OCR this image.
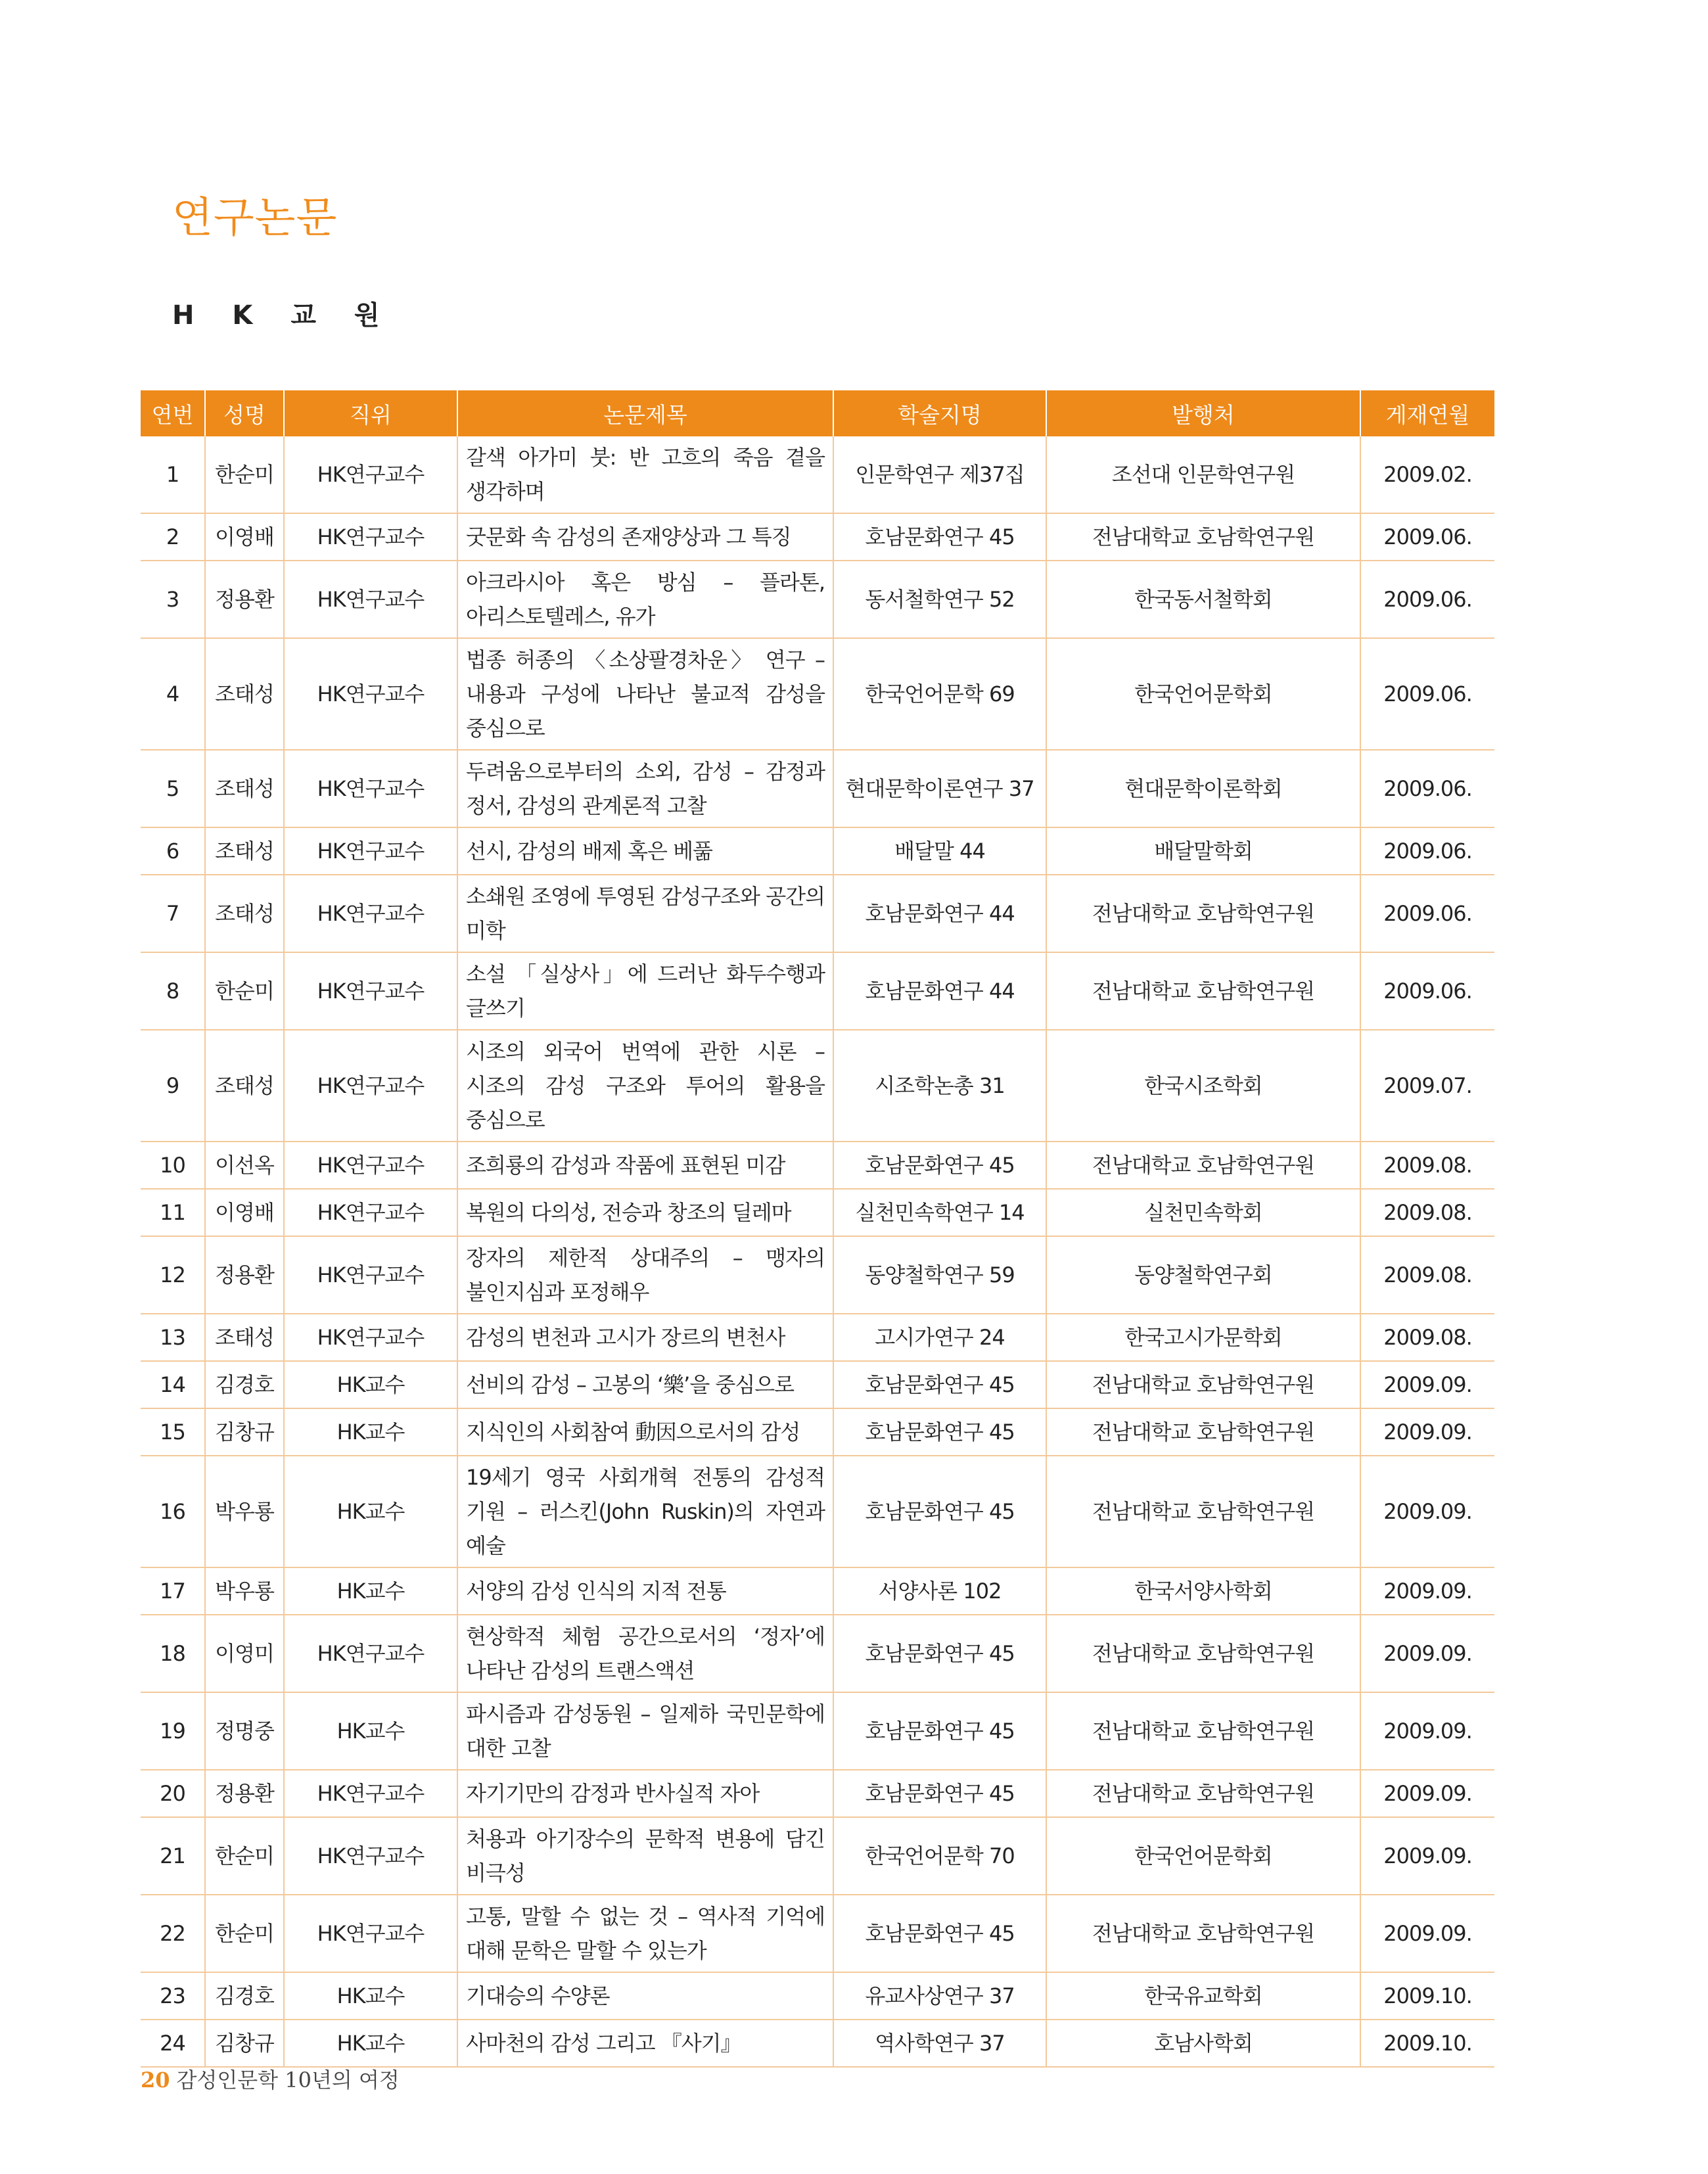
연구논문
H K 교 원
연번	성명	직위	논문제목	학술지명	발행처	게재연월
1	한순미	HK연구교수	갈색 아가미 붓: 반 고흐의 죽음 곁을 생각하며	인문학연구 제37집	조선대 인문학연구원	2009.02.
2	이영배	HK연구교수	굿문화 속 감성의 존재양상과 그 특징	호남문화연구 45	전남대학교 호남학연구원	2009.06.
3	정용환	HK연구교수	아크라시아 혹은 방심 – 플라톤, 아리스토텔레스, 유가	동서철학연구 52	한국동서철학회	2009.06.
4	조태성	HK연구교수	법종 허종의 〈소상팔경차운〉 연구 – 내용과 구성에 나타난 불교적 감성을 중심으로	한국언어문학 69	한국언어문학회	2009.06.
5	조태성	HK연구교수	두려움으로부터의 소외, 감성 – 감정과 정서, 감성의 관계론적 고찰	현대문학이론연구 37	현대문학이론학회	2009.06.
6	조태성	HK연구교수	선시, 감성의 배제 혹은 베풂	배달말 44	배달말학회	2009.06.
7	조태성	HK연구교수	소쇄원 조영에 투영된 감성구조와 공간의 미학	호남문화연구 44	전남대학교 호남학연구원	2009.06.
8	한순미	HK연구교수	소설 「실상사」에 드러난 화두수행과 글쓰기	호남문화연구 44	전남대학교 호남학연구원	2009.06.
9	조태성	HK연구교수	시조의 외국어 번역에 관한 시론 – 시조의 감성 구조와 투어의 활용을 중심으로	시조학논총 31	한국시조학회	2009.07.
10	이선옥	HK연구교수	조희룡의 감성과 작품에 표현된 미감	호남문화연구 45	전남대학교 호남학연구원	2009.08.
11	이영배	HK연구교수	복원의 다의성, 전승과 창조의 딜레마	실천민속학연구 14	실천민속학회	2009.08.
12	정용환	HK연구교수	장자의 제한적 상대주의 – 맹자의 불인지심과 포정해우	동양철학연구 59	동양철학연구회	2009.08.
13	조태성	HK연구교수	감성의 변천과 고시가 장르의 변천사	고시가연구 24	한국고시가문학회	2009.08.
14	김경호	HK교수	선비의 감성 – 고봉의 ‘樂’을 중심으로	호남문화연구 45	전남대학교 호남학연구원	2009.09.
15	김창규	HK교수	지식인의 사회참여 動因으로서의 감성	호남문화연구 45	전남대학교 호남학연구원	2009.09.
16	박우룡	HK교수	19세기 영국 사회개혁 전통의 감성적 기원 – 러스킨(John Ruskin)의 자연과 예술	호남문화연구 45	전남대학교 호남학연구원	2009.09.
17	박우룡	HK교수	서양의 감성 인식의 지적 전통	서양사론 102	한국서양사학회	2009.09.
18	이영미	HK연구교수	현상학적 체험 공간으로서의 ‘정자’에 나타난 감성의 트랜스액션	호남문화연구 45	전남대학교 호남학연구원	2009.09.
19	정명중	HK교수	파시즘과 감성동원 – 일제하 국민문학에 대한 고찰	호남문화연구 45	전남대학교 호남학연구원	2009.09.
20	정용환	HK연구교수	자기기만의 감정과 반사실적 자아	호남문화연구 45	전남대학교 호남학연구원	2009.09.
21	한순미	HK연구교수	처용과 아기장수의 문학적 변용에 담긴 비극성	한국언어문학 70	한국언어문학회	2009.09.
22	한순미	HK연구교수	고통, 말할 수 없는 것 – 역사적 기억에 대해 문학은 말할 수 있는가	호남문화연구 45	전남대학교 호남학연구원	2009.09.
23	김경호	HK교수	기대승의 수양론	유교사상연구 37	한국유교학회	2009.10.
24	김창규	HK교수	사마천의 감성 그리고 『사기』	역사학연구 37	호남사학회	2009.10.
20 감성인문학 10년의 여정
